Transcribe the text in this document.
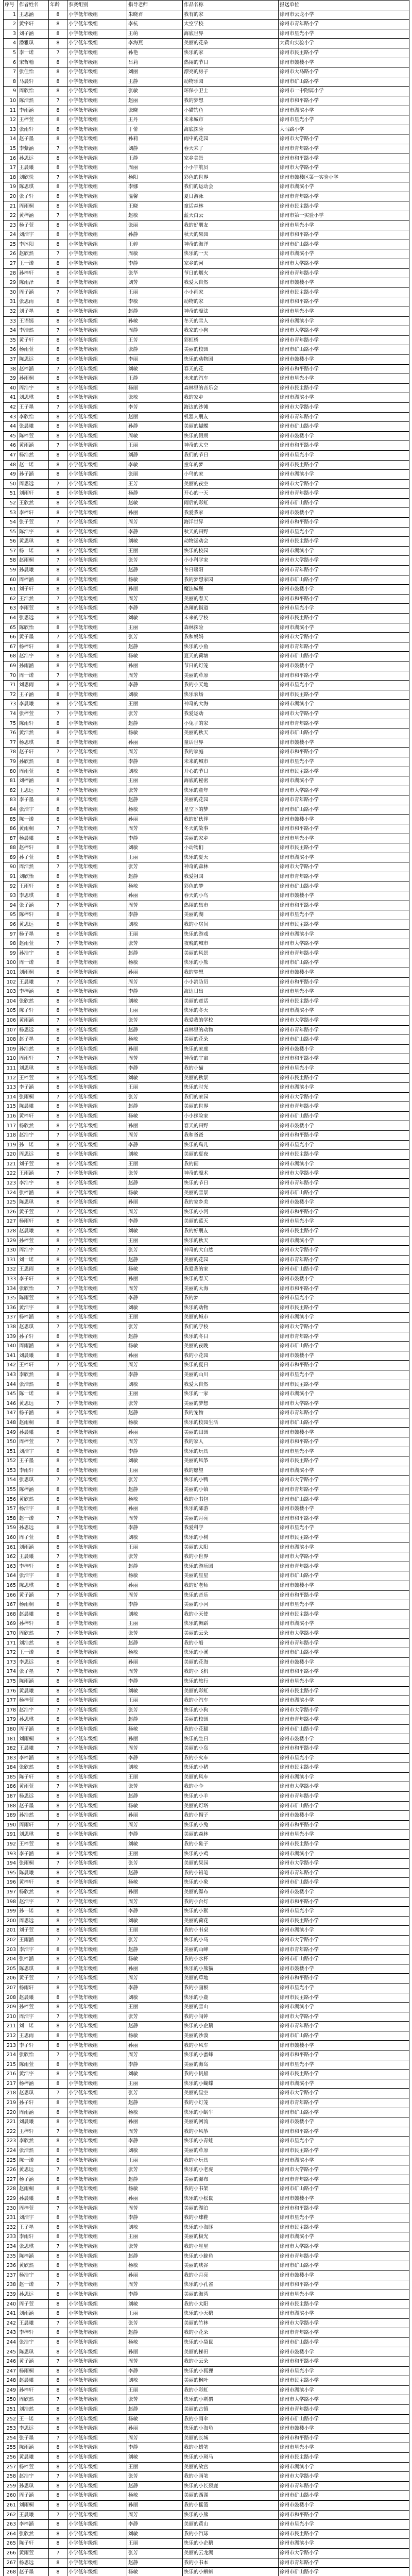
序号	作者姓名	年龄	参赛组别	指导老师	作品名称	报送单位
1	王思涵	8	小学低年级组	朱晓君	我有的家	徐州市云龙小学
2	黄宇轩	8	小学低年级组	李杭	太空学校	徐州市青年路小学
3	刘子涵	8	小学低年级组	王萌	海底世界	徐州市星光小学
4	潘雅琪	8	小学低年级组	李海燕	美丽的花朵	大黄山实验小学
5	李一诺	7	小学低年级组	孙艳	快乐的家	徐州市民主路小学
6	宋哲翰	8	小学低年级组	吕莉	热闹的节日	徐州市鼓楼小学
7	张佳怡	8	小学低年级组	刘丽	漂亮的房子	徐州市大马路小学
8	马晨轩	8	小学低年级组	王静	动物乐园	徐州市矿山路小学
9	周欣怡	8	小学低年级组	张敏	环保小卫士	徐州市一中附属小学
10	陈浩然	7	小学低年级组	赵丽	我的梦想	徐州市和平路小学
11	李雨涵	8	小学低年级组	张晓	小猫钓鱼	徐州市湖滨小学
12	王梓萱	8	小学低年级组	王丹	未来城市	徐州市星光小学
13	张雨轩	8	小学低年级组	丁蕾	海底探险	大马路小学
14	赵子墨	8	小学低年级组	孙莉	雨中的花园	徐州市大学路小学
15	李紫涵	7	小学低年级组	刘静	春天来了	徐州市青年路小学
16	孙思远	8	小学低年级组	王静	家乡美景	徐州市和平路小学
17	王晨曦	8	小学低年级组	周丽	小小宇航员	徐州市大学路小学
18	刘欣悦	7	小学低年级组	杨阳	彩色的世界	徐州市鼓楼区第一实验小学
19	陈思琪	8	小学低年级组	李娜	我们的运动会	徐州市湖滨小学
20	张子轩	8	小学低年级组	温馨	夏日游泳	徐州市青年路小学
21	周雨桐	8	小学低年级组	王晓	童话森林	徐州市民主路小学
22	黄梓涵	7	小学低年级组	赵敏	蓝天白云	徐州市第一实验小学
23	杨子萱	8	小学低年级组	张丽	我的好朋友	徐州市星光小学
24	刘浩宇	8	小学低年级组	孙静	秋天的果园	徐州市和平路小学
25	李沐阳	8	小学低年级组	王婷	神奇的海洋	徐州市矿山路小学
26	赵欣然	7	小学低年级组	周敏	快乐的一天	徐州市湖滨小学
27	王一诺	8	小学低年级组	李静	家乡的河	徐州市大学路小学
28	孙梓轩	8	小学低年级组	张华	节日的烟火	徐州市青年路小学
29	陈雨泽	8	小学低年级组	刘芳	我爱大自然	徐州市鼓楼小学
30	周子涵	7	小学低年级组	王丽	小小画家	徐州市民主路小学
31	张思雨	8	小学低年级组	李敏	动物的家	徐州市和平路小学
32	刘子墨	8	小学低年级组	赵静	神奇的魔法	徐州市星光小学
33	王语嫣	8	小学低年级组	孙敏	冬天的雪人	徐州市湖滨小学
34	李浩然	7	小学低年级组	周静	我家的小狗	徐州市大学路小学
35	黄子轩	8	小学低年级组	王芳	彩虹桥	徐州市青年路小学
36	杨雨萱	8	小学低年级组	张静	美丽的校园	徐州市矿山路小学
37	陈思远	8	小学低年级组	李丽	快乐的动物园	徐州市鼓楼小学
38	赵梓涵	7	小学低年级组	刘敏	春天的花	徐州市和平路小学
39	孙雨桐	8	小学低年级组	王静	未来的汽车	徐州市星光小学
40	周浩宇	8	小学低年级组	杨丽	森林里的音乐会	徐州市民主路小学
41	刘思琪	8	小学低年级组	张敏	我的家乡	徐州市湖滨小学
42	王子墨	7	小学低年级组	李芳	海边的沙滩	徐州市大学路小学
43	李欣怡	8	小学低年级组	赵丽	机器人朋友	徐州市青年路小学
44	张晨曦	8	小学低年级组	孙静	美丽的蝴蝶	徐州市矿山路小学
45	陈梓萱	8	小学低年级组	周敏	快乐的假期	徐州市鼓楼小学
46	黄雨涵	7	小学低年级组	王丽	神奇的太空	徐州市和平路小学
47	杨浩然	8	小学低年级组	刘静	我们的节日	徐州市星光小学
48	赵一诺	8	小学低年级组	李敏	童年的梦	徐州市民主路小学
49	孙子涵	8	小学低年级组	张丽	小鸟的家	徐州市湖滨小学
50	周思远	7	小学低年级组	王芳	美丽的夜空	徐州市大学路小学
51	刘雨轩	8	小学低年级组	杨静	开心的一天	徐州市青年路小学
52	王欣然	8	小学低年级组	赵敏	雨后的彩虹	徐州市矿山路小学
53	李梓轩	8	小学低年级组	孙丽	我爱我家	徐州市鼓楼小学
54	张子萱	7	小学低年级组	周芳	海洋世界	徐州市和平路小学
55	陈浩宇	8	小学低年级组	李静	秋天的田野	徐州市星光小学
56	黄思琪	8	小学低年级组	刘敏	动物运动会	徐州市民主路小学
57	杨一诺	8	小学低年级组	王丽	快乐的校园	徐州市湖滨小学
58	赵雨桐	7	小学低年级组	张芳	小小科学家	徐州市大学路小学
59	孙晨曦	8	小学低年级组	赵静	冬日暖阳	徐州市青年路小学
60	周梓涵	8	小学低年级组	杨敏	我的梦想家园	徐州市矿山路小学
61	刘子轩	8	小学低年级组	孙丽	魔法城堡	徐州市鼓楼小学
62	王浩然	7	小学低年级组	周芳	美丽的春天	徐州市和平路小学
63	李雨萱	8	小学低年级组	李静	热闹的街道	徐州市星光小学
64	张思远	8	小学低年级组	刘敏	未来的学校	徐州市民主路小学
65	陈欣怡	8	小学低年级组	王丽	森林探险	徐州市湖滨小学
66	黄子墨	7	小学低年级组	张芳	我和妈妈	徐州市大学路小学
67	杨梓轩	8	小学低年级组	赵静	快乐的小鱼	徐州市青年路小学
68	赵浩宇	8	小学低年级组	杨敏	夏天的荷塘	徐州市矿山路小学
69	孙雨涵	8	小学低年级组	孙丽	节日的灯笼	徐州市鼓楼小学
70	周一诺	7	小学低年级组	周芳	美丽的草原	徐州市和平路小学
71	刘思雨	8	小学低年级组	李静	我的小天地	徐州市星光小学
72	王子涵	8	小学低年级组	刘敏	快乐农场	徐州市民主路小学
73	李晨曦	8	小学低年级组	王丽	神奇的大海	徐州市湖滨小学
74	张梓萱	7	小学低年级组	张芳	我爱运动	徐州市大学路小学
75	陈雨轩	8	小学低年级组	赵静	小兔子的家	徐州市青年路小学
76	黄浩然	8	小学低年级组	杨敏	美丽的秋天	徐州市矿山路小学
77	杨思琪	8	小学低年级组	孙丽	童话世界	徐州市鼓楼小学
78	赵子轩	7	小学低年级组	周芳	我的家庭	徐州市和平路小学
79	孙欣然	8	小学低年级组	李静	未来的城市	徐州市星光小学
80	周雨萱	8	小学低年级组	刘敏	开心的节日	徐州市民主路小学
81	刘梓涵	8	小学低年级组	王丽	海底的秘密	徐州市湖滨小学
82	王思远	7	小学低年级组	张芳	快乐的童年	徐州市大学路小学
83	李子墨	8	小学低年级组	赵静	美丽的花园	徐州市青年路小学
84	张浩宇	8	小学低年级组	杨敏	星空下的梦	徐州市矿山路小学
85	陈一诺	8	小学低年级组	孙丽	我的好伙伴	徐州市鼓楼小学
86	黄雨桐	7	小学低年级组	周芳	冬天的故事	徐州市和平路小学
87	杨晨曦	8	小学低年级组	李静	美丽的家乡	徐州市星光小学
88	赵梓轩	8	小学低年级组	刘敏	小动物们	徐州市民主路小学
89	孙子萱	8	小学低年级组	王丽	快乐的夏天	徐州市湖滨小学
90	周浩然	7	小学低年级组	张芳	神奇的森林	徐州市大学路小学
91	刘欣怡	8	小学低年级组	赵静	我爱祖国	徐州市青年路小学
92	王雨轩	8	小学低年级组	杨敏	彩色的梦	徐州市矿山路小学
93	李思琪	8	小学低年级组	孙丽	春天的小鸟	徐州市鼓楼小学
94	张子涵	7	小学低年级组	周芳	热闹的集市	徐州市和平路小学
95	陈梓轩	8	小学低年级组	李静	美丽的湖	徐州市星光小学
96	黄思远	8	小学低年级组	刘敏	我的小房间	徐州市民主路小学
97	杨子墨	8	小学低年级组	王丽	快乐的游戏	徐州市湖滨小学
98	赵雨萱	7	小学低年级组	张芳	夜晚的城市	徐州市大学路小学
99	孙浩宇	8	小学低年级组	赵静	美丽的风景	徐州市青年路小学
100	周一诺	8	小学低年级组	杨敏	快乐的小熊	徐州市矿山路小学
101	刘雨桐	8	小学低年级组	孙丽	我的梦想	徐州市鼓楼小学
102	王晨曦	7	小学低年级组	周芳	小小消防员	徐州市和平路小学
103	李梓涵	8	小学低年级组	李静	海边日出	徐州市星光小学
104	张欣然	8	小学低年级组	刘敏	美丽的童话	徐州市民主路小学
105	陈子轩	8	小学低年级组	王丽	快乐的冬天	徐州市湖滨小学
106	黄雨涵	7	小学低年级组	张芳	我爱我的学校	徐州市大学路小学
107	杨思远	8	小学低年级组	赵静	森林里的动物	徐州市青年路小学
108	赵子墨	8	小学低年级组	杨敏	美丽的花朵	徐州市矿山路小学
109	孙浩然	8	小学低年级组	孙丽	快乐的家庭	徐州市鼓楼小学
110	周雨轩	7	小学低年级组	周芳	神奇的宇宙	徐州市和平路小学
111	刘思琪	8	小学低年级组	李静	我的小猫	徐州市星光小学
112	王梓萱	8	小学低年级组	刘敏	美丽的秋景	徐州市民主路小学
113	李子涵	8	小学低年级组	王丽	快乐的时光	徐州市湖滨小学
114	张雨桐	7	小学低年级组	张芳	我们的家园	徐州市大学路小学
115	陈晨曦	8	小学低年级组	赵静	美丽的世界	徐州市青年路小学
116	黄梓轩	8	小学低年级组	杨敏	小小探险家	徐州市矿山路小学
117	杨欣然	8	小学低年级组	孙丽	春天的田野	徐州市鼓楼小学
118	赵浩宇	7	小学低年级组	周芳	我和爸爸	徐州市和平路小学
119	孙一诺	8	小学低年级组	李静	快乐的鸟儿	徐州市星光小学
120	周思远	8	小学低年级组	刘敏	美丽的夏夜	徐州市民主路小学
121	刘子萱	8	小学低年级组	王丽	我的画	徐州市湖滨小学
122	王雨涵	7	小学低年级组	张芳	神奇的魔术	徐州市大学路小学
123	李浩宇	8	小学低年级组	赵静	快乐的节日	徐州市青年路小学
124	张梓涵	8	小学低年级组	杨敏	美丽的雪景	徐州市矿山路小学
125	陈思琪	8	小学低年级组	孙丽	我的家乡美	徐州市鼓楼小学
126	黄子萱	7	小学低年级组	周芳	快乐的小河	徐州市和平路小学
127	杨雨轩	8	小学低年级组	李静	美丽的蓝天	徐州市星光小学
128	赵晨曦	8	小学低年级组	刘敏	我的好朋友	徐州市民主路小学
129	孙梓萱	8	小学低年级组	王丽	快乐的秋天	徐州市湖滨小学
130	周浩宇	7	小学低年级组	张芳	神奇的大自然	徐州市大学路小学
131	刘一诺	8	小学低年级组	赵静	美丽的花园	徐州市青年路小学
132	王思雨	8	小学低年级组	杨敏	我爱我的家	徐州市矿山路小学
133	李子轩	8	小学低年级组	孙丽	快乐的春天	徐州市鼓楼小学
134	张欣怡	7	小学低年级组	周芳	美丽的大海	徐州市和平路小学
135	陈雨萱	8	小学低年级组	李静	我的梦	徐州市星光小学
136	黄浩宇	8	小学低年级组	刘敏	快乐的动物	徐州市民主路小学
137	杨梓涵	8	小学低年级组	王丽	美丽的城市	徐州市湖滨小学
138	赵思琪	7	小学低年级组	张芳	我们的学校	徐州市大学路小学
139	孙子轩	8	小学低年级组	赵静	快乐的冬日	徐州市青年路小学
140	周雨涵	8	小学低年级组	杨敏	美丽的夜晚	徐州市矿山路小学
141	刘晨曦	8	小学低年级组	孙丽	我的小花园	徐州市鼓楼小学
142	王梓轩	7	小学低年级组	周芳	快乐的夏日	徐州市和平路小学
143	李欣然	8	小学低年级组	李静	美丽的山川	徐州市星光小学
144	张浩然	8	小学低年级组	刘敏	我爱大自然	徐州市民主路小学
145	陈一诺	8	小学低年级组	王丽	快乐的一家	徐州市湖滨小学
146	黄思远	7	小学低年级组	张芳	美丽的梦想	徐州市大学路小学
147	杨子涵	8	小学低年级组	赵静	我的宠物	徐州市青年路小学
148	赵雨桐	8	小学低年级组	杨敏	快乐的校园生活	徐州市矿山路小学
149	孙晨曦	8	小学低年级组	孙丽	美丽的田园	徐州市鼓楼小学
150	周梓萱	7	小学低年级组	周芳	我的家人	徐州市和平路小学
151	刘浩宇	8	小学低年级组	李静	快乐的玩具	徐州市星光小学
152	王子墨	8	小学低年级组	刘敏	美丽的风筝	徐州市民主路小学
153	李雨轩	8	小学低年级组	王丽	我的愿望	徐州市湖滨小学
154	张思琪	7	小学低年级组	张芳	快乐的小鸭	徐州市大学路小学
155	陈梓涵	8	小学低年级组	赵静	美丽的小镇	徐州市青年路小学
156	黄欣然	8	小学低年级组	杨敏	我的小书包	徐州市矿山路小学
157	杨浩宇	8	小学低年级组	孙丽	快乐的郊游	徐州市鼓楼小学
158	赵一诺	7	小学低年级组	周芳	美丽的月亮	徐州市和平路小学
159	孙思远	8	小学低年级组	李静	我爱科学	徐州市星光小学
160	周子萱	8	小学低年级组	刘敏	快乐的小树	徐州市民主路小学
161	刘雨涵	8	小学低年级组	王丽	美丽的太阳	徐州市湖滨小学
162	王晨曦	7	小学低年级组	张芳	我的小世界	徐州市大学路小学
163	李梓轩	8	小学低年级组	赵静	快乐的游乐园	徐州市青年路小学
164	张浩宇	8	小学低年级组	杨敏	美丽的星星	徐州市矿山路小学
165	陈思琪	8	小学低年级组	孙丽	我的好老师	徐州市鼓楼小学
166	黄子涵	7	小学低年级组	周芳	快乐的音乐	徐州市和平路小学
167	杨雨桐	8	小学低年级组	李静	美丽的小河	徐州市星光小学
168	赵晨曦	8	小学低年级组	刘敏	我的小天使	徐州市民主路小学
169	孙梓轩	8	小学低年级组	王丽	快乐的舞蹈	徐州市湖滨小学
170	周欣然	7	小学低年级组	张芳	美丽的云朵	徐州市大学路小学
171	刘浩然	8	小学低年级组	赵静	我的小船	徐州市青年路小学
172	王一诺	8	小学低年级组	杨敏	快乐的小溪	徐州市矿山路小学
173	李思远	8	小学低年级组	孙丽	美丽的花海	徐州市鼓楼小学
174	张子墨	7	小学低年级组	周芳	我的小飞机	徐州市和平路小学
175	陈雨涵	8	小学低年级组	李静	快乐的旅行	徐州市星光小学
176	黄晨曦	8	小学低年级组	刘敏	美丽的彩虹	徐州市民主路小学
177	杨梓萱	8	小学低年级组	王丽	我的小汽车	徐州市湖滨小学
178	赵浩宇	7	小学低年级组	张芳	快乐的小狗	徐州市大学路小学
179	孙思琪	8	小学低年级组	赵静	美丽的校园	徐州市青年路小学
180	周子涵	8	小学低年级组	杨敏	我的小花猫	徐州市矿山路小学
181	刘雨桐	8	小学低年级组	孙丽	快乐的生日	徐州市鼓楼小学
182	王晨曦	7	小学低年级组	周芳	美丽的小岛	徐州市和平路小学
183	李梓涵	8	小学低年级组	李静	我的小火车	徐州市星光小学
184	张欣然	8	小学低年级组	刘敏	快乐的小猪	徐州市民主路小学
185	陈子轩	8	小学低年级组	王丽	美丽的风车	徐州市湖滨小学
186	黄雨萱	7	小学低年级组	张芳	我的小伞	徐州市大学路小学
187	杨思远	8	小学低年级组	赵静	快乐的小羊	徐州市青年路小学
188	赵子墨	8	小学低年级组	杨敏	美丽的灯塔	徐州市矿山路小学
189	孙浩然	8	小学低年级组	孙丽	我的小帽子	徐州市鼓楼小学
190	周雨轩	7	小学低年级组	周芳	快乐的小兔	徐州市和平路小学
191	刘思琪	8	小学低年级组	李静	美丽的森林	徐州市星光小学
192	王梓萱	8	小学低年级组	刘敏	我的小鞋子	徐州市民主路小学
193	李子涵	8	小学低年级组	王丽	快乐的小鸡	徐州市湖滨小学
194	张雨桐	7	小学低年级组	张芳	美丽的果园	徐州市大学路小学
195	陈晨曦	8	小学低年级组	赵静	我的小铅笔	徐州市青年路小学
196	黄梓轩	8	小学低年级组	杨敏	快乐的小象	徐州市矿山路小学
197	杨欣然	8	小学低年级组	孙丽	美丽的瀑布	徐州市鼓楼小学
198	赵浩宇	7	小学低年级组	周芳	我的小台灯	徐州市和平路小学
199	孙一诺	8	小学低年级组	李静	快乐的小猴	徐州市星光小学
200	周思远	8	小学低年级组	刘敏	美丽的荷花	徐州市民主路小学
201	刘子萱	8	小学低年级组	王丽	我的小书桌	徐州市湖滨小学
202	王雨涵	7	小学低年级组	张芳	快乐的小马	徐州市大学路小学
203	李浩宇	8	小学低年级组	赵静	美丽的山峰	徐州市青年路小学
204	张梓涵	8	小学低年级组	杨敏	我的小水杯	徐州市矿山路小学
205	陈思琪	8	小学低年级组	孙丽	快乐的小熊猫	徐州市鼓楼小学
206	黄子萱	7	小学低年级组	周芳	美丽的草地	徐州市和平路小学
207	杨雨轩	8	小学低年级组	李静	我的小画板	徐州市星光小学
208	赵晨曦	8	小学低年级组	刘敏	快乐的小鹿	徐州市民主路小学
209	孙梓萱	8	小学低年级组	王丽	美丽的雪山	徐州市湖滨小学
210	周浩宇	7	小学低年级组	张芳	我的小闹钟	徐州市大学路小学
211	刘一诺	8	小学低年级组	赵静	快乐的小企鹅	徐州市青年路小学
212	王思雨	8	小学低年级组	杨敏	美丽的沙漠	徐州市矿山路小学
213	李子轩	8	小学低年级组	孙丽	我的小风车	徐州市鼓楼小学
214	张欣怡	7	小学低年级组	周芳	快乐的小蜜蜂	徐州市和平路小学
215	陈雨萱	8	小学低年级组	李静	美丽的海岛	徐州市星光小学
216	黄浩宇	8	小学低年级组	刘敏	我的小帆船	徐州市民主路小学
217	杨梓涵	8	小学低年级组	王丽	快乐的小蝴蝶	徐州市湖滨小学
218	赵思琪	7	小学低年级组	张芳	美丽的星空	徐州市大学路小学
219	孙子轩	8	小学低年级组	赵静	我的小灯笼	徐州市青年路小学
220	周雨涵	8	小学低年级组	杨敏	快乐的小蜗牛	徐州市矿山路小学
221	刘晨曦	8	小学低年级组	孙丽	美丽的河流	徐州市鼓楼小学
222	王梓轩	7	小学低年级组	周芳	我的小风筝	徐州市和平路小学
223	李欣然	8	小学低年级组	李静	快乐的小青蛙	徐州市星光小学
224	张浩然	8	小学低年级组	刘敏	美丽的草原	徐州市民主路小学
225	陈一诺	8	小学低年级组	王丽	我的小玩具	徐州市湖滨小学
226	黄思远	7	小学低年级组	张芳	快乐的小老虎	徐州市大学路小学
227	杨子涵	8	小学低年级组	赵静	美丽的瀑布	徐州市青年路小学
228	赵雨桐	8	小学低年级组	杨敏	我的小书架	徐州市矿山路小学
229	孙晨曦	8	小学低年级组	孙丽	快乐的小松鼠	徐州市鼓楼小学
230	周梓萱	7	小学低年级组	周芳	美丽的湖泊	徐州市和平路小学
231	刘浩宇	8	小学低年级组	李静	我的小球鞋	徐州市星光小学
232	王子墨	8	小学低年级组	刘敏	快乐的小海豚	徐州市民主路小学
233	李雨轩	8	小学低年级组	王丽	美丽的极光	徐州市湖滨小学
234	张思琪	7	小学低年级组	张芳	我的小星星	徐州市大学路小学
235	陈梓涵	8	小学低年级组	赵静	快乐的小鲸鱼	徐州市青年路小学
236	黄欣然	8	小学低年级组	杨敏	美丽的峡谷	徐州市矿山路小学
237	杨浩宇	8	小学低年级组	孙丽	我的小月亮	徐州市鼓楼小学
238	赵一诺	7	小学低年级组	周芳	快乐的小孔雀	徐州市和平路小学
239	孙思远	8	小学低年级组	李静	美丽的海湾	徐州市星光小学
240	周子萱	8	小学低年级组	刘敏	我的小太阳	徐州市民主路小学
241	刘雨涵	8	小学低年级组	王丽	快乐的小天鹅	徐州市湖滨小学
242	王晨曦	7	小学低年级组	张芳	美丽的竹林	徐州市大学路小学
243	李梓轩	8	小学低年级组	赵静	我的小花朵	徐州市青年路小学
244	张浩宇	8	小学低年级组	杨敏	快乐的小袋鼠	徐州市矿山路小学
245	陈思琪	8	小学低年级组	孙丽	美丽的梯田	徐州市鼓楼小学
246	黄子涵	7	小学低年级组	周芳	我的小云朵	徐州市和平路小学
247	杨雨桐	8	小学低年级组	李静	快乐的小狐狸	徐州市星光小学
248	赵晨曦	8	小学低年级组	刘敏	美丽的枫叶	徐州市民主路小学
249	孙梓轩	8	小学低年级组	王丽	我的小彩虹	徐州市湖滨小学
250	周欣然	7	小学低年级组	张芳	快乐的小刺猬	徐州市大学路小学
251	刘浩然	8	小学低年级组	赵静	美丽的古镇	徐州市青年路小学
252	王一诺	8	小学低年级组	杨敏	我的小雨伞	徐州市矿山路小学
253	李思远	8	小学低年级组	孙丽	快乐的小海龟	徐州市鼓楼小学
254	张子墨	7	小学低年级组	周芳	美丽的长城	徐州市和平路小学
255	陈雨涵	8	小学低年级组	李静	我的小蜡笔	徐州市星光小学
256	黄晨曦	8	小学低年级组	刘敏	快乐的小斑马	徐州市民主路小学
257	杨梓萱	8	小学低年级组	王丽	美丽的故宫	徐州市湖滨小学
258	赵浩宇	7	小学低年级组	张芳	我的小画笔	徐州市大学路小学
259	孙思琪	8	小学低年级组	赵静	快乐的小长颈鹿	徐州市青年路小学
260	周子涵	8	小学低年级组	杨敏	美丽的西湖	徐州市矿山路小学
261	刘雨桐	8	小学低年级组	孙丽	我的小摇篮	徐州市鼓楼小学
262	王晨曦	7	小学低年级组	周芳	快乐的小熊	徐州市和平路小学
263	李梓涵	8	小学低年级组	李静	美丽的黄山	徐州市星光小学
264	张欣然	8	小学低年级组	刘敏	我的小汽球	徐州市民主路小学
265	陈子轩	8	小学低年级组	王丽	快乐的小企鹅	徐州市湖滨小学
266	黄雨萱	7	小学低年级组	张芳	美丽的云龙湖	徐州市大学路小学
267	杨思远	8	小学低年级组	赵静	我的小书本	徐州市青年路小学
268	赵子墨	8	小学低年级组	杨敏	快乐的小蝌蚪	徐州市矿山路小学
